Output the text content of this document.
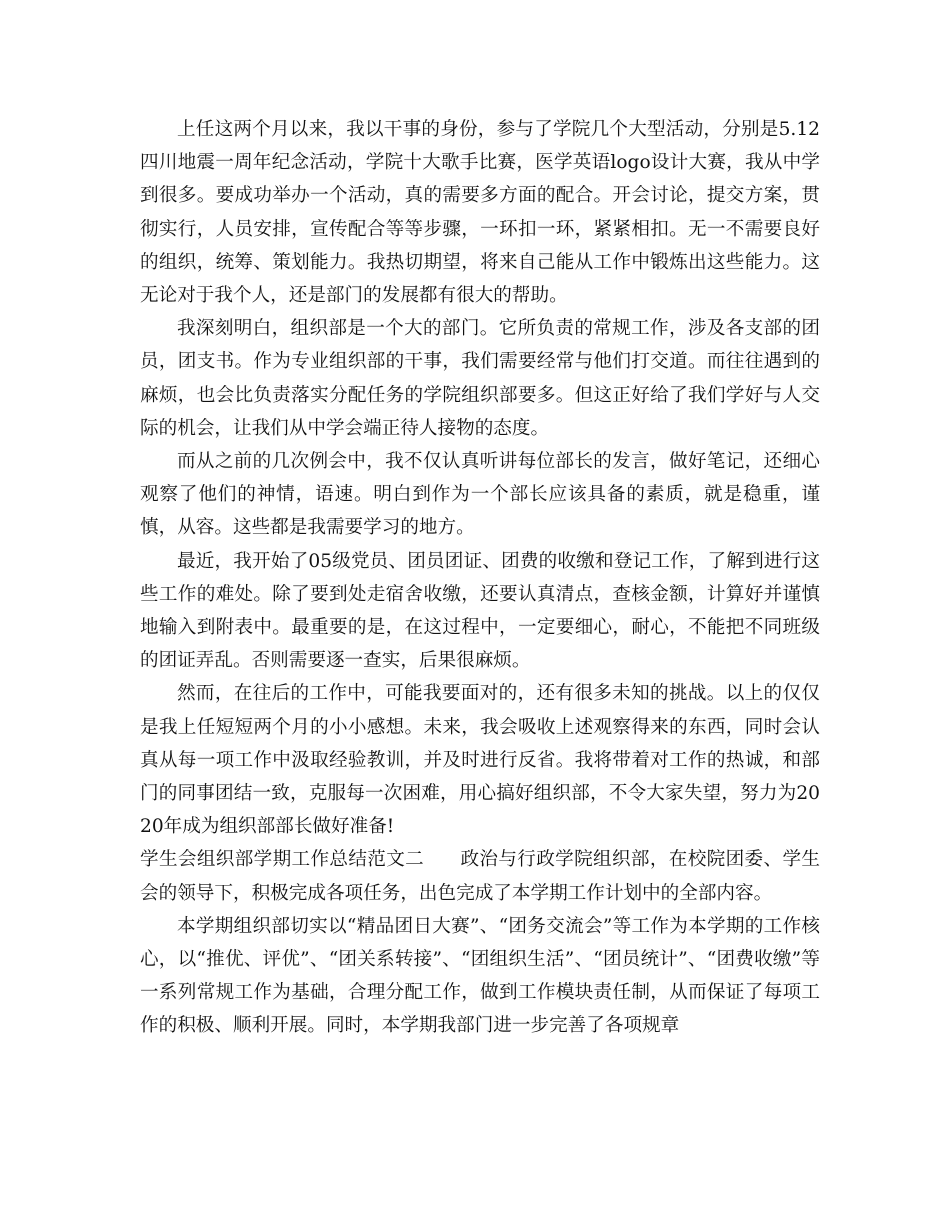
上任这两个月以来，我以干事的身份，参与了学院几个大型活动，分别是5.12四川地震一周年纪念活动，学院十大歌手比赛，医学英语logo设计大赛，我从中学到很多。要成功举办一个活动，真的需要多方面的配合。开会讨论，提交方案，贯彻实行，人员安排，宣传配合等等步骤，一环扣一环，紧紧相扣。无一不需要良好的组织，统筹、策划能力。我热切期望，将来自己能从工作中锻炼出这些能力。这无论对于我个人，还是部门的发展都有很大的帮助。

我深刻明白，组织部是一个大的部门。它所负责的常规工作，涉及各支部的团员，团支书。作为专业组织部的干事，我们需要经常与他们打交道。而往往遇到的麻烦，也会比负责落实分配任务的学院组织部要多。但这正好给了我们学好与人交际的机会，让我们从中学会端正待人接物的态度。

而从之前的几次例会中，我不仅认真听讲每位部长的发言，做好笔记，还细心观察了他们的神情，语速。明白到作为一个部长应该具备的素质，就是稳重，谨慎，从容。这些都是我需要学习的地方。

最近，我开始了05级党员、团员团证、团费的收缴和登记工作，了解到进行这些工作的难处。除了要到处走宿舍收缴，还要认真清点，查核金额，计算好并谨慎地输入到附表中。最重要的是，在这过程中，一定要细心，耐心，不能把不同班级的团证弄乱。否则需要逐一查实，后果很麻烦。

然而，在往后的工作中，可能我要面对的，还有很多未知的挑战。以上的仅仅是我上任短短两个月的小小感想。未来，我会吸收上述观察得来的东西，同时会认真从每一项工作中汲取经验教训，并及时进行反省。我将带着对工作的热诚，和部门的同事团结一致，克服每一次困难，用心搞好组织部，不令大家失望，努力为2020年成为组织部部长做好准备!

学生会组织部学期工作总结范文二 政治与行政学院组织部，在校院团委、学生会的领导下，积极完成各项任务，出色完成了本学期工作计划中的全部内容。

本学期组织部切实以“精品团日大赛”、“团务交流会”等工作为本学期的工作核心，以“推优、评优”、“团关系转接”、“团组织生活”、“团员统计”、“团费收缴”等一系列常规工作为基础，合理分配工作，做到工作模块责任制，从而保证了每项工作的积极、顺利开展。同时，本学期我部门进一步完善了各项规章
